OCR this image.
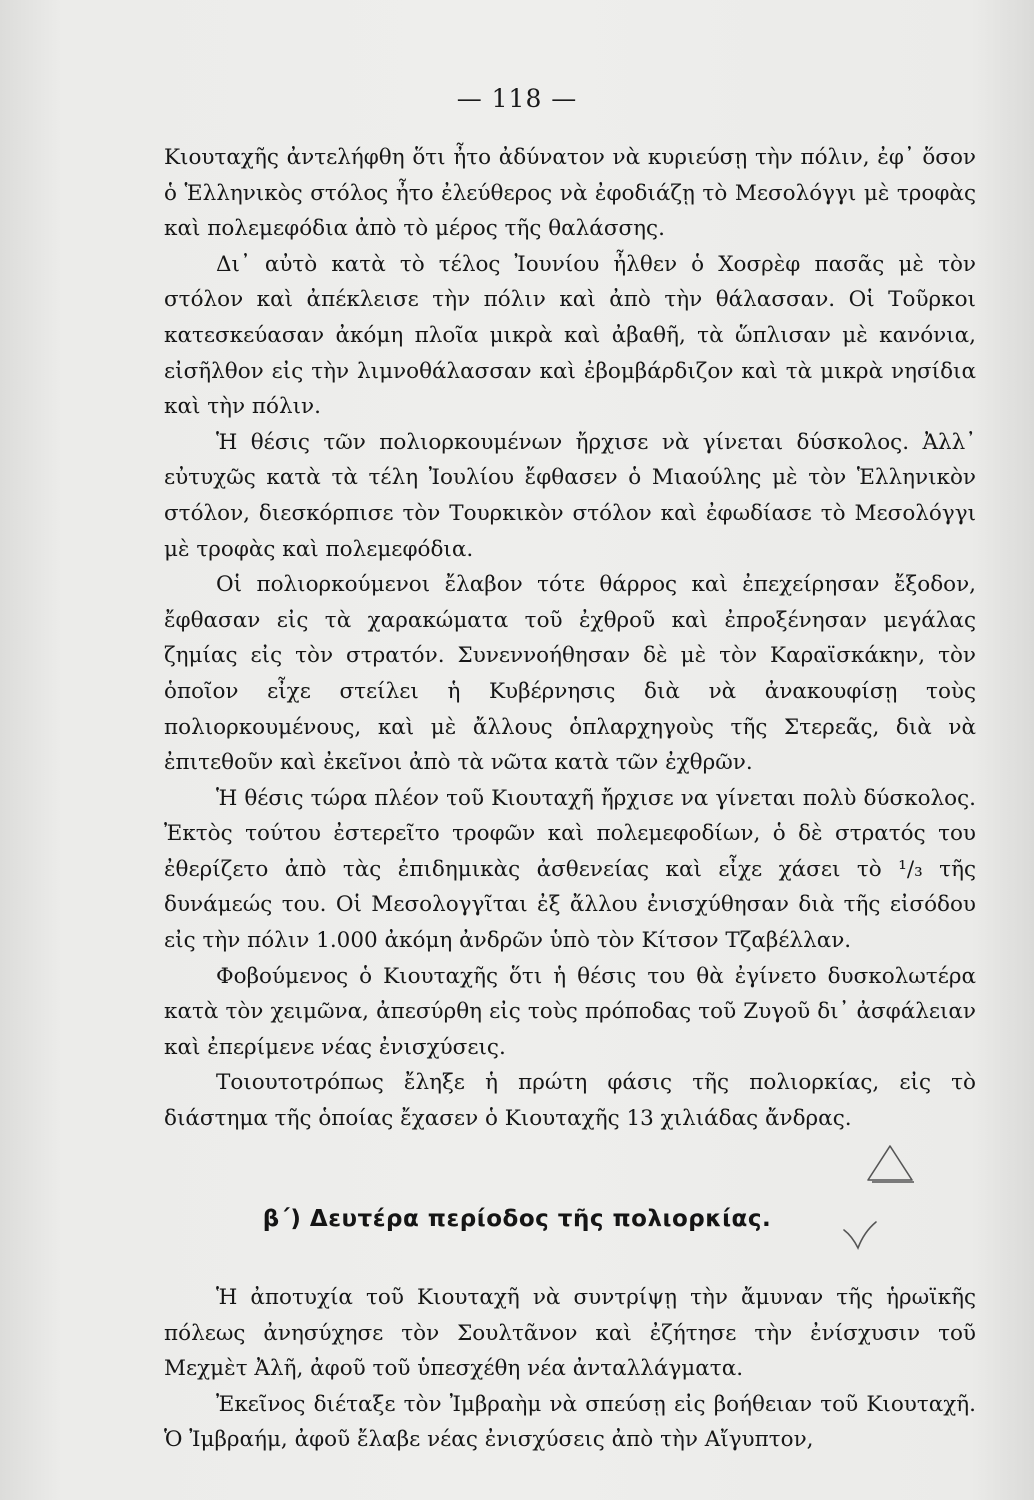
— 118 —

Κιουταχῆς ἀντελήφθη ὅτι ἦτο ἀδύνατον νὰ κυριεύσῃ τὴν πόλιν, ἐφ᾽ ὅσον ὁ Ἑλληνικὸς στόλος ἦτο ἐλεύθερος νὰ ἐφοδιάζῃ τὸ Μεσολόγγι μὲ τροφὰς καὶ πολεμεφόδια ἀπὸ τὸ μέρος τῆς θαλάσσης.

Δι᾽ αὐτὸ κατὰ τὸ τέλος Ἰουνίου ἦλθεν ὁ Χοσρὲφ πασᾶς μὲ τὸν στόλον καὶ ἀπέκλεισε τὴν πόλιν καὶ ἀπὸ τὴν θάλασσαν. Οἱ Τοῦρκοι κατεσκεύασαν ἀκόμη πλοῖα μικρὰ καὶ ἀβαθῆ, τὰ ὥπλισαν μὲ κανόνια, εἰσῆλθον εἰς τὴν λιμνοθάλασσαν καὶ ἐβομβάρδιζον καὶ τὰ μικρὰ νησίδια καὶ τὴν πόλιν.

Ἡ θέσις τῶν πολιορκουμένων ἤρχισε νὰ γίνεται δύσκολος. Ἀλλ᾽ εὐτυχῶς κατὰ τὰ τέλη Ἰουλίου ἔφθασεν ὁ Μιαούλης μὲ τὸν Ἑλληνικὸν στόλον, διεσκόρπισε τὸν Τουρκικὸν στόλον καὶ ἐφωδίασε τὸ Μεσολόγγι μὲ τροφὰς καὶ πολεμεφόδια.

Οἱ πολιορκούμενοι ἔλαβον τότε θάρρος καὶ ἐπεχείρησαν ἔξοδον, ἔφθασαν εἰς τὰ χαρακώματα τοῦ ἐχθροῦ καὶ ἐπροξένησαν μεγάλας ζημίας εἰς τὸν στρατόν. Συνεννοήθησαν δὲ μὲ τὸν Καραϊσκάκην, τὸν ὁποῖον εἶχε στείλει ἡ Κυβέρνησις διὰ νὰ ἀνακουφίσῃ τοὺς πολιορκουμένους, καὶ μὲ ἄλλους ὁπλαρχηγοὺς τῆς Στερεᾶς, διὰ νὰ ἐπιτεθοῦν καὶ ἐκεῖνοι ἀπὸ τὰ νῶτα κατὰ τῶν ἐχθρῶν.

Ἡ θέσις τώρα πλέον τοῦ Κιουταχῆ ἤρχισε να γίνεται πολὺ δύσκολος. Ἐκτὸς τούτου ἐστερεῖτο τροφῶν καὶ πολεμεφοδίων, ὁ δὲ στρατός του ἐθερίζετο ἀπὸ τὰς ἐπιδημικὰς ἀσθενείας καὶ εἶχε χάσει τὸ ¹/₃ τῆς δυνάμεώς του. Οἱ Μεσολογγῖται ἐξ ἄλλου ἐνισχύθησαν διὰ τῆς εἰσόδου εἰς τὴν πόλιν 1.000 ἀκόμη ἀνδρῶν ὑπὸ τὸν Κίτσον Τζαβέλλαν.

Φοβούμενος ὁ Κιουταχῆς ὅτι ἡ θέσις του θὰ ἐγίνετο δυσκολωτέρα κατὰ τὸν χειμῶνα, ἀπεσύρθη εἰς τοὺς πρόποδας τοῦ Ζυγοῦ δι᾽ ἀσφάλειαν καὶ ἐπερίμενε νέας ἐνισχύσεις.

Τοιουτοτρόπως ἔληξε ἡ πρώτη φάσις τῆς πολιορκίας, εἰς τὸ διάστημα τῆς ὁποίας ἔχασεν ὁ Κιουταχῆς 13 χιλιάδας ἄνδρας.

β΄) Δευτέρα περίοδος τῆς πολιορκίας.

Ἡ ἀποτυχία τοῦ Κιουταχῆ νὰ συντρίψῃ τὴν ἄμυναν τῆς ἡρωϊκῆς πόλεως ἀνησύχησε τὸν Σουλτᾶνον καὶ ἐζήτησε τὴν ἐνίσχυσιν τοῦ Μεχμὲτ Ἀλῆ, ἀφοῦ τοῦ ὑπεσχέθη νέα ἀνταλλάγματα.

Ἐκεῖνος διέταξε τὸν Ἰμβραὴμ νὰ σπεύσῃ εἰς βοήθειαν τοῦ Κιουταχῆ. Ὁ Ἰμβραήμ, ἀφοῦ ἔλαβε νέας ἐνισχύσεις ἀπὸ τὴν Αἴγυπτον,
